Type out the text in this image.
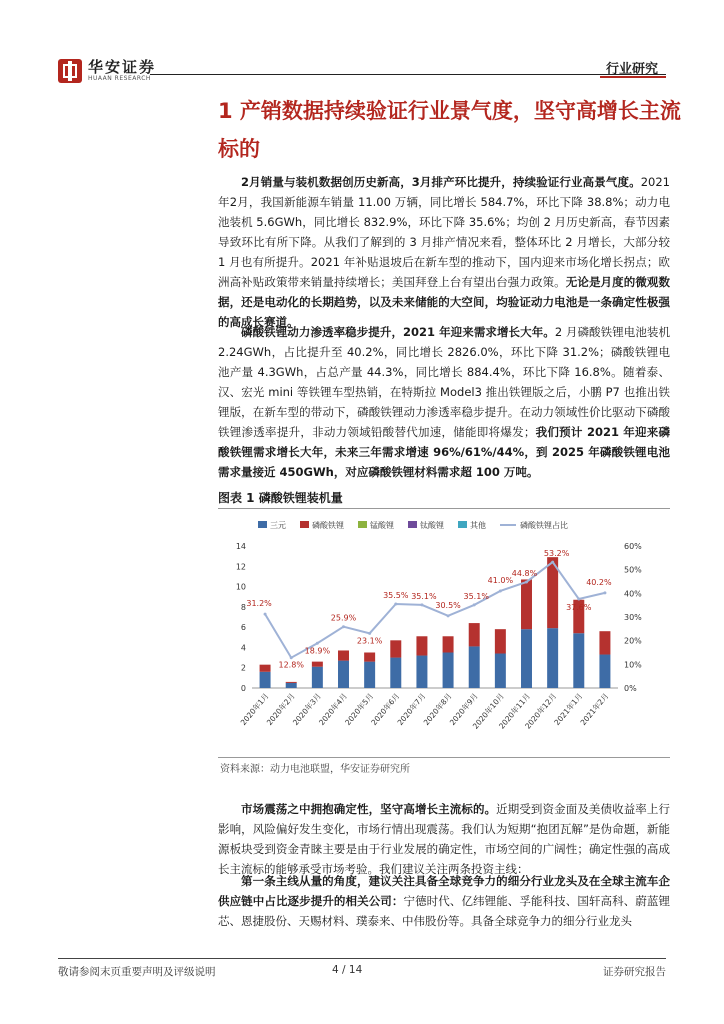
华安证券
HUAAN RESEARCH
行业研究
1 产销数据持续验证行业景气度，坚守高增长主流标的
2月销量与装机数据创历史新高，3月排产环比提升，持续验证行业高景气度。2021年2月，我国新能源车销量 11.00 万辆，同比增长 584.7%，环比下降 38.8%；动力电池装机 5.6GWh，同比增长 832.9%，环比下降 35.6%；均创 2 月历史新高，春节因素导致环比有所下降。从我们了解到的 3 月排产情况来看，整体环比 2 月增长，大部分较 1 月也有所提升。2021 年补贴退坡后在新车型的推动下，国内迎来市场化增长拐点；欧洲高补贴政策带来销量持续增长；美国拜登上台有望出台强力政策。无论是月度的微观数据，还是电动化的长期趋势，以及未来储能的大空间，均验证动力电池是一条确定性极强的高成长赛道。
磷酸铁锂动力渗透率稳步提升，2021 年迎来需求增长大年。2 月磷酸铁锂电池装机 2.24GWh，占比提升至 40.2%，同比增长 2826.0%，环比下降 31.2%；磷酸铁锂电池产量 4.3GWh，占总产量 44.3%，同比增长 884.4%，环比下降 16.8%。随着泰、汉、宏光 mini 等铁锂车型热销，在特斯拉 Model3 推出铁锂版之后，小鹏 P7 也推出铁锂版，在新车型的带动下，磷酸铁锂动力渗透率稳步提升。在动力领域性价比驱动下磷酸铁锂渗透率提升，非动力领域铅酸替代加速，储能即将爆发；我们预计 2021 年迎来磷酸铁锂需求增长大年，未来三年需求增速 96%/61%/44%，到 2025 年磷酸铁锂电池需求量接近 450GWh，对应磷酸铁锂材料需求超 100 万吨。
图表 1 磷酸铁锂装机量
三元	磷酸铁锂	锰酸锂	钛酸锂	其他	磷酸铁锂占比
0
2
4
6
8
10
12
14
0%
10%
20%
30%
40%
50%
60%
2020年1月
2020年2月
2020年3月
2020年4月
2020年5月
2020年6月
2020年7月
2020年8月
2020年9月
2020年10月
2020年11月
2020年12月
2021年1月
2021年2月
31.2%
12.8%
18.9%
25.9%
23.1%
35.5% 35.1%
30.5%
35.1%
41.0%
44.8%
53.2%
37.6%
40.2%
资料来源：动力电池联盟，华安证券研究所
市场震荡之中拥抱确定性，坚守高增长主流标的。近期受到资金面及美债收益率上行影响，风险偏好发生变化，市场行情出现震荡。我们认为短期“抱团瓦解”是伪命题，新能源板块受到资金青睐主要是由于行业发展的确定性，市场空间的广阔性；确定性强的高成长主流标的能够承受市场考验。我们建议关注两条投资主线：
第一条主线从量的角度，建议关注具备全球竞争力的细分行业龙头及在全球主流车企供应链中占比逐步提升的相关公司：宁德时代、亿纬锂能、孚能科技、国轩高科、蔚蓝锂芯、恩捷股份、天赐材料、璞泰来、中伟股份等。具备全球竞争力的细分行业龙头
敬请参阅末页重要声明及评级说明	4 / 14	证券研究报告
